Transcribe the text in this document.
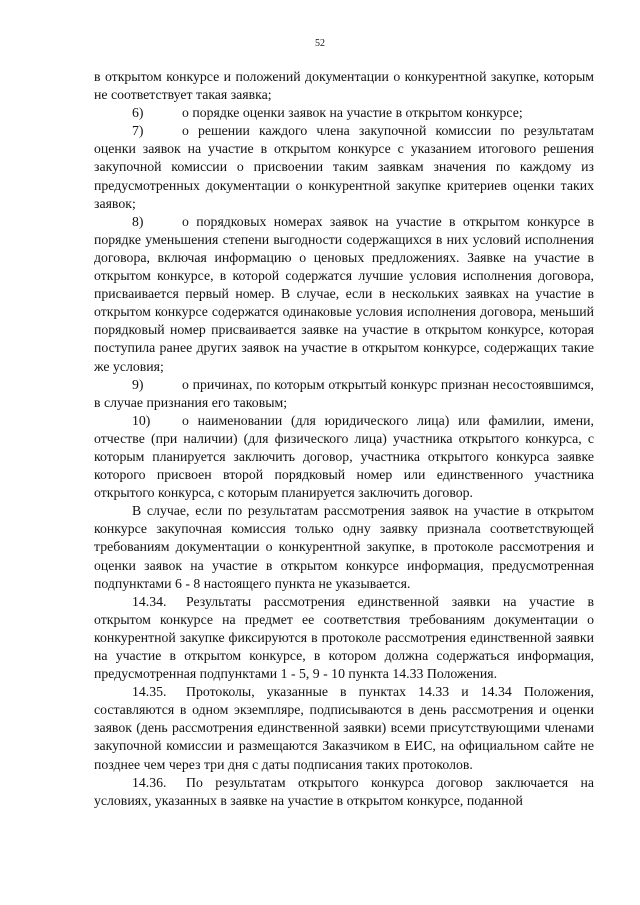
52

в открытом конкурсе и положений документации о конкурентной закупке, которым не соответствует такая заявка;

6)	о порядке оценки заявок на участие в открытом конкурсе;

7)	о решении каждого члена закупочной комиссии по результатам оценки заявок на участие в открытом конкурсе с указанием итогового решения закупочной комиссии о присвоении таким заявкам значения по каждому из предусмотренных документации о конкурентной закупке критериев оценки таких заявок;

8)	о порядковых номерах заявок на участие в открытом конкурсе в порядке уменьшения степени выгодности содержащихся в них условий исполнения договора, включая информацию о ценовых предложениях. Заявке на участие в открытом конкурсе, в которой содержатся лучшие условия исполнения договора, присваивается первый номер. В случае, если в нескольких заявках на участие в открытом конкурсе содержатся одинаковые условия исполнения договора, меньший порядковый номер присваивается заявке на участие в открытом конкурсе, которая поступила ранее других заявок на участие в открытом конкурсе, содержащих такие же условия;

9)	о причинах, по которым открытый конкурс признан несостоявшимся, в случае признания его таковым;

10) о наименовании (для юридического лица) или фамилии, имени, отчестве (при наличии) (для физического лица) участника открытого конкурса, с которым планируется заключить договор, участника открытого конкурса заявке которого присвоен второй порядковый номер или единственного участника открытого конкурса, с которым планируется заключить договор.

В случае, если по результатам рассмотрения заявок на участие в открытом конкурсе закупочная комиссия только одну заявку признала соответствующей требованиям документации о конкурентной закупке, в протоколе рассмотрения и оценки заявок на участие в открытом конкурсе информация, предусмотренная подпунктами 6 - 8 настоящего пункта не указывается.

14.34. Результаты рассмотрения единственной заявки на участие в открытом конкурсе на предмет ее соответствия требованиям документации о конкурентной закупке фиксируются в протоколе рассмотрения единственной заявки на участие в открытом конкурсе, в котором должна содержаться информация, предусмотренная подпунктами 1 - 5, 9 - 10 пункта 14.33 Положения.

14.35. Протоколы, указанные в пунктах 14.33 и 14.34 Положения, составляются в одном экземпляре, подписываются в день рассмотрения и оценки заявок (день рассмотрения единственной заявки) всеми присутствующими членами закупочной комиссии и размещаются Заказчиком в ЕИС, на официальном сайте не позднее чем через три дня с даты подписания таких протоколов.

14.36. По результатам открытого конкурса договор заключается на условиях, указанных в заявке на участие в открытом конкурсе, поданной
